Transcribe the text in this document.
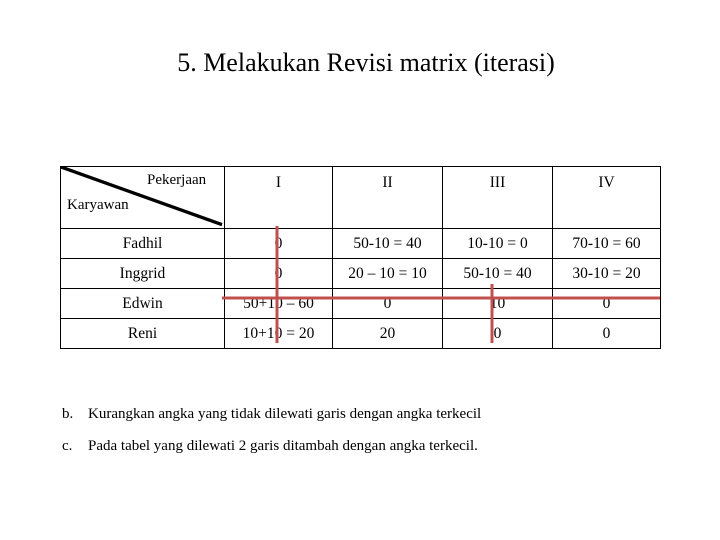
5. Melakukan Revisi matrix (iterasi)
Pekerjaan
Karyawan	I	II	III	IV
Fadhil	0	50-10 = 40	10-10 = 0	70-10 = 60
Inggrid	0	20 – 10 = 10	50-10 = 40	30-10 = 20
Edwin	50+10 – 60	0	10	0
Reni	10+10 = 20	20	0	0
b. Kurangkan angka yang tidak dilewati garis dengan angka terkecil
c. Pada tabel yang dilewati 2 garis ditambah dengan angka terkecil.
